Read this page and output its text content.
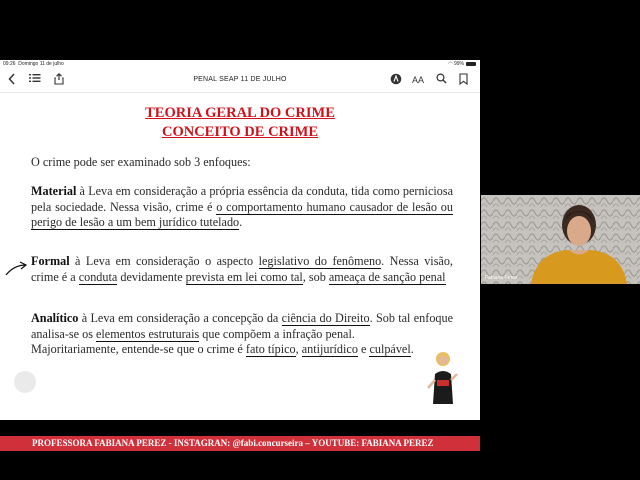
09:26 Domingo 11 de julho	◠ 99%
PENAL SEAP 11 DE JULHO	AA
TEORIA GERAL DO CRIME
CONCEITO DE CRIME
O crime pode ser examinado sob 3 enfoques:
Material à Leva em consideração a própria essência da conduta, tida como perniciosa pela sociedade. Nessa visão, crime é o comportamento humano causador de lesão ou perigo de lesão a um bem jurídico tutelado.
Formal à Leva em consideração o aspecto legislativo do fenômeno. Nessa visão, crime é a conduta devidamente prevista em lei como tal, sob ameaça de sanção penal
Analítico à Leva em consideração a concepção da ciência do Direito. Sob tal enfoque analisa-se os elementos estruturais que compõem a infração penal.
Majoritariamente, entende-se que o crime é fato típico, antijurídico e culpável.
PROFESSORA FABIANA PEREZ - INSTAGRAN: @fabi.concurseira – YOUTUBE: FABIANA PEREZ
Fabiana Perez
